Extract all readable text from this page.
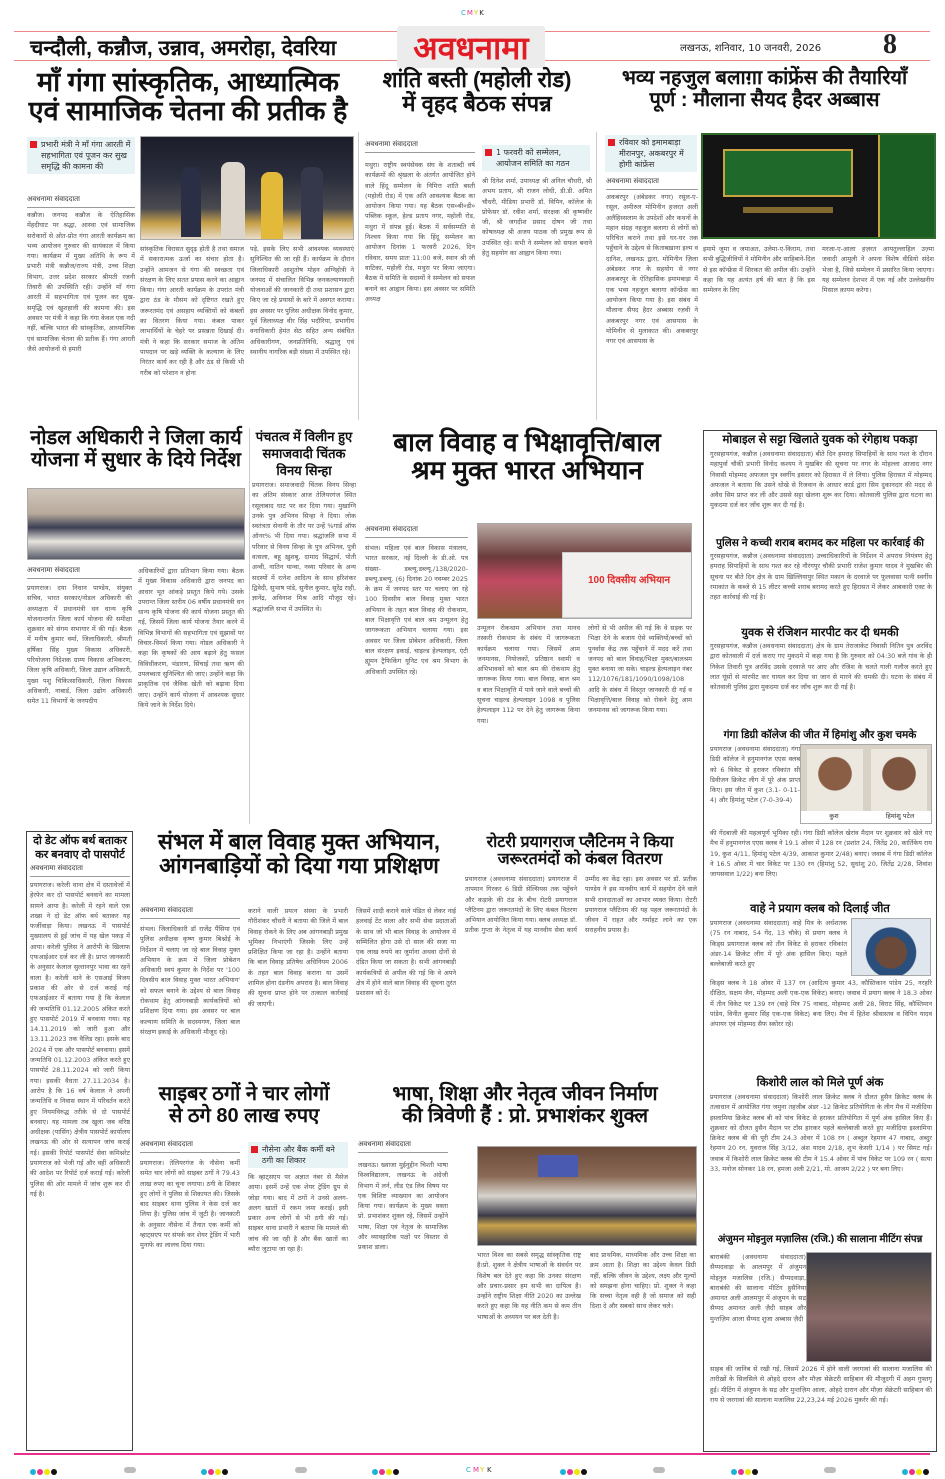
CMYK
चन्दौली, कन्नौज, उन्नाव, अमरोहा, देवरिया	अवधनामा	लखनऊ, शनिवार, 10 जनवरी, 2026 8
माँ गंगा सांस्कृतिक, आध्यात्मिक
एवं सामाजिक चेतना की प्रतीक है
प्रभारी मंत्री ने माँ गंगा आरती में सहभागिता एवं पूजन कर सुख समृद्धि की कामना की
अवधनामा संवाददाता
कन्नौज। जनपद कन्नौज के ऐतिहासिक मेंहदीघाट पर श्रद्धा, आस्था एवं सामाजिक सरोकारों से ओत-प्रोत गंगा आरती कार्यक्रम का भव्य आयोजन गुरुवार की सायंकाल में किया गया। कार्यक्रम में मुख्य अतिथि के रूप में प्रभारी मंत्री कन्नौज/राज्य मंत्री, उच्च शिक्षा विभाग, उत्तर प्रदेश सरकार श्रीमती रजनी तिवारी की उपस्थिति रही। उन्होंने माँ गंगा आरती में सहभागिता एवं पूजन कर सुख-समृद्धि एवं खुशहाली की कामना की। इस अवसर पर मंत्री ने कहा कि गंगा केवल एक नदी नहीं, बल्कि भारत की सांस्कृतिक, आध्यात्मिक एवं सामाजिक चेतना की प्रतीक हैं। गंगा आरती जैसे आयोजनों से हमारी
सांस्कृतिक विरासत सुदृढ़ होती है तथा समाज में सकारात्मक ऊर्जा का संचार होता है। उन्होंने आमजन से गंगा की स्वच्छता एवं संरक्षण के लिए सतत प्रयास करने का आह्वान किया। गंगा आरती कार्यक्रम के उपरांत मंत्री द्वारा ठंड के मौसम को दृष्टिगत रखते हुए जरूरतमंद एवं असहाय व्यक्तियों को कंबलों का वितरण किया गया। कंबल पाकर लाभार्थियों के चेहरे पर प्रसन्नता दिखाई दी। मंत्री ने कहा कि सरकार समाज के अंतिम पायदान पर खड़े व्यक्ति के कल्याण के लिए निरंतर कार्य कर रही है और ठंड से किसी भी गरीब को परेशान न होना
पड़े, इसके लिए सभी आवश्यक व्यवस्थाएं सुनिश्चित की जा रही हैं। कार्यक्रम के दौरान जिलाधिकारी आशुतोष मोहन अग्निहोत्री ने जनपद में संचालित विभिन्न जनकल्याणकारी योजनाओं की जानकारी दी तथा प्रशासन द्वारा किए जा रहे प्रयासों के बारे में अवगत कराया। इस अवसर पर पुलिस अधीक्षक विनोद कुमार, पूर्व जिलाध्यक्ष वीर सिंह भदौरिया, प्रभागीय वनाधिकारी हेमंत सेठ सहित अन्य संबंधित अधिकारीगण, जनप्रतिनिधि, श्रद्धालु एवं स्थानीय नागरिक बड़ी संख्या में उपस्थित रहे।
शांति बस्ती (महोली रोड)
में वृहद बैठक संपन्न
अवधनामा संवाददाता
1 फरवरी को सम्मेलन, आयोजन समिति का गठन
मथुरा। राष्ट्रीय स्वयंसेवक संघ के शताब्दी वर्ष कार्यक्रमों की श्रृंखला के अंतर्गत आयोजित होने वाले हिंदू सम्मेलन के निमित्त शांति बस्ती (महोली रोड) में एक अति आवश्यक बैठक का आयोजन किया गया। यह बैठक एस०बी०डी० पब्लिक स्कूल, हेल्ड प्रताप नगर, महोली रोड, मथुरा में संपन्न हुई। बैठक में सर्वसम्मति से निश्चय किया गया कि हिंदू सम्मेलन का आयोजन दिनांक 1 फरवरी 2026, दिन रविवार, समय प्रातः 11:00 बजे, स्थान श्री जी वाटिका, महोली रोड, मथुरा पर किया जाएगा। बैठक में समिति के सदस्यों ने सम्मेलन को सफल बनाने का आह्वान किया। इस अवसर पर समिति अध्यक्ष
श्री दिनेश शर्मा, उपाध्यक्ष श्री अनिल चौधरी, श्री अभय प्रताप, श्री राजन लोधी, डी.डी. अमित चौधरी, मीडिया प्रभारी डॉ. विपिन, कॉलेज के प्रोफेसर डॉ. रवीश शर्मा, संरक्षक श्री कृष्णवीर जी, श्री जगदीश प्रसाद दोषन जी तथा कोषाध्यक्ष श्री अजय पाठक जी प्रमुख रूप से उपस्थित रहे। सभी ने सम्मेलन को सफल बनाने हेतु सहयोग का आह्वान किया गया।
भव्य नहजुल बलाग़ा कांफ्रेंस की तैयारियाँ
पूर्ण : मौलाना सैयद हैदर अब्बास
रविवार को इमामबाड़ा मीरानपुर, अकबरपुर में होगी कांफ्रेंस
अवधनामा संवाददाता
अकबरपुर (अंबेडकर नगर) रसूल-ए-रसूल, अमीरुल मोमिनीन हजरत अली अलैहिस्सलाम के उपदेशों और कथनों के महान संग्रह नहजुल बलागा से लोगों को परिचित कराने तथा इसे घर-घर तक पहुँचाने के उद्देश्य से किताबख़ाना इल्म व दानिश, लखनऊ द्वारा, मोमिनीन ज़िला अंबेडकर नगर के सहयोग से नगर अकबरपुर के ऐतिहासिक इमामबाड़ा में एक भव्य नहजुल बलागा कॉन्फ्रेंस का आयोजन किया गया है। इस संबंध में मौलाना सैयद हैदर अब्बास रज़वी ने अकबरपुर नगर एवं आसपास के मोमिनीन से मुलाकात की। अकबरपुर नगर एवं आसपास के
इमामे जुमा व जमाअत, उलेमा-ए-किराम, तथा सभी बुद्धिजीवियों ने मोमिनीन और साहिबाने-दिल से इस कॉन्फ्रेंस में शिरकत की अपील की। उन्होंने कहा कि यह अत्यंत हर्ष की बात है कि इस सम्मेलन के लिए
मरजा-ए-आला हज़रत आयतुल्लाहिल उज़्मा जवादी आमुली ने अपना विशेष वीडियो संदेश भेजा है, जिसे सम्मेलन में प्रसारित किया जाएगा। यह सम्मेलन देशभर में एक नई और उल्लेखनीय मिसाल क़ायम करेगा।
नोडल अधिकारी ने जिला कार्य
योजना में सुधार के दिये निर्देश
अवधनामा संवाददाता
प्रयागराज। दया निधान पाण्डेय, संयुक्त सचिव, भारत सरकार/नोडल अधिकारी की अध्यक्षता में प्रधानमंत्री धन धान्य कृषि योजनान्तर्गत जिला कार्य योजना की समीक्षा शुक्रवार को संगम सभागार में की गई। बैठक में मनीष कुमार वर्मा, जिलाधिकारी, श्रीमती हर्षिका सिंह मुख्य विकास अधिकारी, परियोजना निदेशक ग्राम्य विकास अभिकरण, जिला कृषि अधिकारी, जिला उद्यान अधिकारी, मुख्य पशु चिकित्साधिकारी, जिला विकास अधिकारी, नाबार्ड, जिला उद्योग अधिकारी समेत 11 विभागों के जनपदीय
अधिकारियों द्वारा प्रतिभाग किया गया। बैठक में मुख्य विकास अधिकारी द्वारा जनपद का आधार भूत आंकड़े प्रस्तुत किये गये। उसके उपरान्त जिला स्तरीय 06 वर्षीय प्रधानमंत्री धन धान्य कृषि योजना की कार्य योजना प्रस्तुत की गई, जिसमें जिला कार्य योजना तैयार करने में विभिन्न विभागों की सहभागिता एवं सुझावों पर विचार-विमर्श किया गया। नोडल अधिकारी ने कहा कि कृषकों की आय बढ़ाने हेतु फसल विविधीकरण, भंडारण, सिंचाई तथा ऋण की उपलब्धता सुनिश्चित की जाए। उन्होंने कहा कि प्राकृतिक एवं जैविक खेती को बढ़ावा दिया जाए। उन्होंने कार्य योजना में आवश्यक सुधार किये जाने के निर्देश दिये।
पंचतत्व में विलीन हुए समाजवादी चिंतक विनय सिन्हा
प्रयागराज। समाजवादी चिंतक विनय सिन्हा का अंतिम संस्कार आज तेलियरगंज स्थित रसूलाबाद घाट पर कर दिया गया। मुखाग्नि उनके पुत्र अभिनव सिन्हा ने दिया। लोक स्वतंत्रता सेनानी के तौर पर उन्हें %गार्ड ऑफ ऑनर% भी दिया गया। श्रद्धांजलि सभा में परिवार से विनय सिन्हा के पुत्र अभिनव, पुत्री वत्सला, बहू ख़ुशबू, दामाद सिद्धार्थ, पोती अन्वी, नातिन यान्वा, नव्या परिवार के अन्य सदस्यों में रत्नेश आदित्य के साथ हरिशंकर द्विवेदी, सुभाष पांडे, सुनील कुमार, सुरेंद्र राही, ज्ञानेंद्र, अविनाश मिश्र आदि मौजूद रहे। श्रद्धांजलि सभा में उपस्थित थे।
बाल विवाह व भिक्षावृत्ति/बाल
श्रम मुक्त भारत अभियान
अवधनामा संवाददाता
संभल। महिला एवं बाल विकास मंत्रालय, भारत सरकार, नई दिल्ली के डी.ओ. पत्र संख्या- डब्ल्यू.डब्ल्यू./138/2020- डब्ल्यू.डब्ल्यू. (6) दिनांक 20 नवम्बर 2025 के क्रम में जनपद स्तर पर चलाए जा रहे 100 दिवसीय बाल विवाह मुक्त भारत अभियान के तहत बाल विवाह की रोकथाम, बाल भिक्षावृत्ति एवं बाल श्रम उन्मूलन हेतु जागरूकता अभियान चलाया गया। इस अवसर पर जिला प्रोबेशन अधिकारी, जिला बाल संरक्षण इकाई, चाइल्ड हेल्पलाइन, एंटी ह्यूमन ट्रैफिकिंग यूनिट एवं श्रम विभाग के अधिकारी उपस्थित रहे।
100 दिवसीय अभियान
उन्मूलन रोकथाम अभियान तथा मानव तस्करी रोकथाम के संबंध में जागरूकता कार्यक्रम चलाया गया। जिसमें आम जनमानस, नियोजकों, प्रतिष्ठान स्वामी व अभिभावकों को बाल श्रम की रोकथाम हेतु जागरूक किया गया। बाल विवाह, बाल श्रम व बाल भिक्षावृत्ति में पाये जाने वाले बच्चों की सूचना चाइल्ड हेल्पलाइन 1098 व पुलिस हेल्पलाइन 112 पर देने हेतु जागरूक किया गया।
लोगों से भी अपील की गई कि वे सड़क पर भिक्षा देने के बजाय ऐसे व्यक्तियों/बच्चों को पुनर्वास केंद्र तक पहुँचाने में मदद करें तथा जनपद को बाल विवाह/भिक्षा मुक्त/बालश्रम मुक्त बनाया जा सके। चाइल्ड हेल्पलाइन नंबर 112/1076/181/1090/1098/108 आदि के संबंध में विस्तृत जानकारी दी गई व भिक्षावृत्ति/बाल विवाह को रोकने हेतु आम जनमानस को जागरूक किया गया।
मोबाइल से सट्टा खिलाते युवक को रंगेहाथ पकड़ा
गुरसहायगंज, कन्नौज (अवधनामा संवाददाता) बीते दिन हमराह सिपाहियों के साथ गश्त के दौरान महापुर्वा चौकी प्रभारी विनोद कश्यप ने मुखबिर की सूचना पर नगर के मोहल्ला आजाद नगर निवासी मोहम्मद अफजल पुत्र स्वर्गीय इसरार को हिरासत में ले लिया। पुलिस हिरासत में मोहम्मद अफजल ने बताया कि उसने धोखे से रिजवान के आधार कार्ड द्वारा सिम दुकानदार की मदद से अवैध सिम प्राप्त कर ली और उससे सट्टा खेलना शुरू कर दिया। कोतवाली पुलिस द्वारा घटना का मुकदमा दर्ज कर जाँच शुरू कर दी गई है।
पुलिस ने कच्ची शराब बरामद कर महिला पर कार्रवाई की
गुरसहायगंज, कन्नौज (अवधनामा संवाददाता) उच्चाधिकारियों के निर्देशन में अपराध नियंत्रण हेतु हमराह सिपाहियों के साथ गश्त कर रहे नौरंगपुर चौकी प्रभारी राजेश कुमार यादव ने मुखबिर की सूचना पर बीते दिन क्षेत्र के ग्राम खिल्लियापुर स्थित मकान के दरवाजे पर फूलवासा पत्नी स्वर्गीय रमाकांत के कब्जे से 15 लीटर कच्ची शराब बरामद करते हुए हिरासत में लेकर आबकारी एक्ट के तहत कार्रवाई की गई है।
युवक से रंजिशन मारपीट कर दी धमकी
गुरसहायगंज, कन्नौज (अवधनामा संवाददाता) क्षेत्र के ग्राम तेराजाकेट निवासी नितिन पुत्र अरविंद द्वारा कोतवाली में दर्ज कराए गए मुकदमे में कहा गया है कि गुरुवार को 04:30 बजे गांव के ही निकेश तिवारी पुत्र अरविंद उसके दरवाजे पर आए और रंजिश के चलते गाली गलौज करते हुए लात घूंसों से मारपीट कर घायल कर दिया था जान से मारने की धमकी दी। घटना के संबंध में कोतवाली पुलिस द्वारा मुकदमा दर्ज कर जाँच शुरू कर दी गई है।
गंगा डिग्री कॉलेज की जीत में हिमांशु और कुश चमके
प्रयागराज (अवधनामा संवाददाता) गंगा डिग्री कॉलेज ने हनुमानगंज एएस क्लब को 6 विकेट से हराकर रविकांत सी डिवीजन क्रिकेट लीग में पूरे अंक प्राप्त किए। इस जीत में कुश (3.1- 0-11-4) और हिमांशु पटेल (7-0-39-4)
कुश	हिमांशु पटेल
की गेंदबाजी की महत्वपूर्ण भूमिका रही। गंगा डिग्री कॉलेज खेरांव मैदान पर शुक्रवार को खेले गए मैच में हनुमानगंज एएस क्लब ने 19.1 ओवर में 128 रन (प्रशांत 24, जितेंद्र 20, कार्तिकेय राय 19, कुश 4/11, हिमांशु पटेल 4/39, आकाश कुमार 2/48) बनाए। जवाब में गंगा डिग्री कॉलेज ने 16.5 ओवर में चार विकेट पर 130 रन (हिमांशु 52, सुधांशु 20, जितेंद्र 2/28, शिवांश जायसवाल 1/22) बना लिए।
वाहे ने प्रयाग क्लब को दिलाई जीत
प्रयागराज (अवधनामा संवाददाता) वाहे मित्र के अर्धशतक (75 रन नाबाद, 54 गेंद, 13 चौके) से प्रयाग क्लब ने किड्स प्रयागराज क्लब को तीन विकेट से हराकर रविकांत अंडर-14 क्रिकेट लीग में पूरे अंक हासिल किए। पहले बल्लेबाजी करते हुए
किड्स क्लब ने 18 ओवर में 137 रन (आदित्य कुमार 43, कौस्तिकान पांडेय 25, नरहरि दीक्षित, सक्षम जैन, मोहम्मद अली एक-एक विकेट) बनाए। जवाब में प्रयाग क्लब ने 18.3 ओवर में तीन विकेट पर 139 रन (वाहे मित्र 75 नाबाद, मोहम्मद अली 28, विराट सिंह, कौस्तिमान पांडेय, विनीत कुमार सिंह एक-एक विकेट) बना लिए। मैच में हितेश श्रीवास्तव व विपिन यादव अंपायर एवं मोहम्मद सैफ स्कोरर रहे।
किशोरी लाल को मिले पूर्ण अंक
प्रयागराज (अवधनामा संवाददाता) किशोरी लाल क्रिकेट क्लब ने दौलत हुसैन क्रिकेट क्लब के तत्वाधान में आयोजित गंगा जमुना तहजीब अंडर -12 क्रिकेट प्रतियोगिता के लीग मैच में मजीदिया इस्लामिया क्रिकेट क्लब बी को पांच विकेट से हराकर प्रतियोगिता में पूर्ण अंक हासिल किए हैं। शुक्रवार को दौलत हुसैन मैदान पर टॉस हारकर पहले बल्लेबाजी करते हुए मजीदिया इस्लामिया क्रिकेट क्लब बी की पूरी टीम 24.3 ओवर में 108 रन ( अब्दुल रेहमान 47 नाबाद, अब्दुर रेहमान 20 रन, युवराज सिंह 3/12, अंश यादव 2/18, शुभ केसरी 1/14 ) पर सिमट गई। जवाब में किशोरी लाल क्रिकेट क्लब की टीम ने 15.4 ओवर में पांच विकेट पर 109 रन ( सत्या 33, मनोज सोनकर 18 रन, हमजा अली 2/21, मो. आजम 2/22 ) पर बना लिए।
अंजुमन मोइनुल मज़ालिस (रजि.) की सालाना मीटिंग संपन्न
बाराबंकी (अवधनामा संवाददाता) सैय्यदवाड़ा के आलमपुर में अंजुमन मोइनुल मजालिस (रजि.) सैय्यदवाड़ा, बाराबंकी की सालाना मीटिंग हुसैनिया अमानत अली आलमपुर में अंजुमन के सद्र सैय्यद अमानत अली ज़ैदी साहब और मुन्तज़िम आला सैय्यद शुजा अब्बास ज़ैदी
साहब की जानिब से रखी गई, जिसमें 2026 में होने वाली जरगावां की सालाना मजालिस की तारीख़ों के सिलसिले से ओहदे दारान और मौज़ा सेक्रेटरी साहिबान की मौजूदगी में अहम गुफ्तगू हुई। मीटिंग में अंजुमन के सद्र और मुन्तज़िम आला, ओहदे दारान और मौज़ा सेक्रेटरी साहिबान की राय से जरगावां की सालाना मजालिस 22,23,24 मई 2026 मुकर्रर की गई।
दो डेट ऑफ बर्थ बताकर कर बनवाए दो पासपोर्ट
अवधनामा संवाददाता
प्रयागराज। करेली थाना क्षेत्र में दस्तावेजों में हेरफेर कर दो पासपोर्ट बनवाने का मामला सामने आया है। करेली में रहने वाले एक शख्स ने दो डेट ऑफ बर्थ बताकर यह फर्जीवाड़ा किया। लखनऊ में पासपोर्ट मुख्यालय से हुई जांच में यह खेल पकड़ में आया। करेली पुलिस ने आरोपी के खिलाफ एफआईआर दर्ज कर ली है। प्राप्त जानकारी के अनुसार केलाल सुल्तानपुर भावा का रहने वाला है। करेली थाने के एसआई विजय प्रकाश की ओर से दर्ज कराई गई एफआईआर में बताया गया है कि केलाल की जन्मतिथि 01.12.2005 अंकित करते हुए पासपोर्ट 2019 में बनवाया गया। यह 14.11.2019 को जारी हुआ और 13.11.2023 तक वैलिड रहा। इसके बाद 2024 में एक और पासपोर्ट बनवाया। इसमें जन्मतिथि 01.12.2003 अंकित करते हुए पासपोर्ट 28.11.2024 को जारी किया गया। इसकी वैधता 27.11.2034 है। आरोप है कि 16 वर्ष केलाल ने अपनी जन्मतिथि व निवास स्थान में परिवर्तन करते हुए नियमविरुद्ध तरीके से दो पासपोर्ट बनवाए। यह मामला तब खुला जब वरिष्ठ अधीक्षक (पासिंग) क्षेत्रीय पासपोर्ट कार्यालय लखनऊ की ओर से सत्यापन जांच कराई गई। इसकी रिपोर्ट पासपोर्ट सेवा कमिश्नरेट प्रयागराज को भेजी गई और वहीं अधिकारी की आदेश पर रिपोर्ट दर्ज कराई गई। करेली पुलिस की ओर मामले में जांच शुरू कर दी गई है।
संभल में बाल विवाह मुक्त अभियान,
आंगनबाड़ियों को दिया गया प्रशिक्षण
अवधनामा संवाददाता
संभल। जिलाधिकारी डॉ राजेंद्र पैंसिया एवं पुलिस अधीक्षक कृष्ण कुमार बिश्नोई के निर्देशन में चलाए जा रहे बाल विवाह मुक्त अभियान के क्रम में जिला प्रोबेशन अधिकारी स्वयं कुमार के निर्देश पर '100 दिवसीय बाल विवाह मुक्त भारत अभियान' को सफल बनाने के उद्देश्य से बाल विवाह रोकथाम हेतु आंगनबाड़ी कार्यकत्रियों को प्रशिक्षण दिया गया। इस अवसर पर बाल कल्याण समिति के सदस्यगण, जिला बाल संरक्षण इकाई के अधिकारी मौजूद रहे।
कराने वाली प्रयत्न संस्था के प्रभारी गौरीशंकर चौधरी ने बताया की जिले में बाल विवाह रोकने के लिए अब आंगनबाड़ी प्रमुख भूमिका निभाएंगी जिसके लिए उन्हें प्रशिक्षित किया जा रहा है। उन्होंने बताया कि बाल विवाह प्रतिषेध अधिनियम 2006 के तहत बाल विवाह कराना या उसमें शामिल होना दंडनीय अपराध है। बाल विवाह की सूचना प्राप्त होने पर तत्काल कार्रवाई की जाएगी।
जिसमें शादी कराने वाले पंडित से लेकर नाई हलवाई टेंट वाला और सभी सेवा प्रदाताओं के साथ जो भी बाल विवाह के आयोजन में सम्मिलित होगा उसे दो साल की सजा या एक लाख रुपये का जुर्माना अथवा दोनों से दंडित किया जा सकता है। सभी आंगनबाड़ी कार्यकत्रियों से अपील की गई कि वे अपने क्षेत्र में होने वाले बाल विवाह की सूचना तुरंत प्रशासन को दें।
रोटरी प्रयागराज प्लैटिनम ने किया
जरूरतमंदों को कंबल वितरण
प्रयागराज (अवधनामा संवाददाता) प्रयागराज में तापमान गिरकर 6 डिग्री सेल्सियस तक पहुँचने और कड़ाके की ठंड के बीच रोटरी प्रयागराज प्लैटिनम द्वारा जरूरतमंदों के लिए कंबल वितरण अभियान आयोजित किया गया। क्लब अध्यक्ष डॉ. प्रतीक गुप्ता के नेतृत्व में यह मानवीय सेवा कार्य उम्मीद का केंद्र रहा। इस अवसर पर डॉ. प्रतीक पाण्डेय ने इस मानवीय कार्य में सहयोग देने वाले सभी दानदाताओं का आभार व्यक्त किया। रोटरी प्रयागराज प्लैटिनम की यह पहल जरूरतमंदों के जीवन में राहत और गर्माहट लाने का एक सराहनीय प्रयास है।
साइबर ठगों ने चार लोगों
से ठगे 80 लाख रुपए
अवधनामा संवाददाता
नौसेना और बैंक कर्मी बने ठगी का शिकार
प्रयागराज। तेलियरगंज के नौसेना कर्मी समेत चार लोगों को साइबर ठगों ने 79.43 लाख रुपए का चूना लगाया। ठगी के शिकार हुए लोगों ने पुलिस से शिकायत की। जिसके बाद साइबर थाना पुलिस ने केस दर्ज कर लिया है। पुलिस जांच में जुटी है। जानकारी के अनुसार नौसेना में तैनात एक कर्मी को व्हाट्सएप पर संपर्क कर शेयर ट्रेडिंग में भारी मुनाफे का लालच दिया गया।
कि व्हाट्सएप पर अज्ञात नंबर से मैसेज आया। इसमें उन्हें एक शेयर ट्रेडिंग ग्रुप से जोड़ा गया। बाद में ठगों ने उनसे अलग-अलग खातों में रकम जमा कराई। इसी प्रकार अन्य लोगों से भी ठगी की गई। साइबर थाना प्रभारी ने बताया कि मामले की जांच की जा रही है और बैंक खातों का ब्यौरा जुटाया जा रहा है।
भाषा, शिक्षा और नेतृत्व जीवन निर्माण
की त्रिवेणी हैं : प्रो. प्रभाशंकर शुक्ल
अवधनामा संवाददाता
लखनऊ। ख्वाजा मुईनुद्दीन चिश्ती भाषा विश्वविद्यालय, लखनऊ के अंग्रेजी विभाग में लर्न, लीड एंड लिव विषय पर एक विशिष्ट व्याख्यान का आयोजन किया गया। कार्यक्रम के मुख्य वक्ता प्रो. प्रभाशंकर शुक्ल रहे, जिसमें उन्होंने भाषा, शिक्षा एवं नेतृत्व के सामाजिक और व्यावहारिक पक्षों पर विस्तार से प्रकाश डाला।
भारत विश्व का सबसे समृद्ध सांस्कृतिक राष्ट्र है।प्रो. शुक्ल ने क्षेत्रीय भाषाओं के संवर्धन पर विशेष बल देते हुए कहा कि उनका संरक्षण और प्रचार-प्रसार हम सभी का दायित्व है। उन्होंने राष्ट्रीय शिक्षा नीति 2020 का उल्लेख करते हुए कहा कि यह नीति कम से कम तीन भाषाओं के अध्ययन पर बल देती है।
बाद प्राथमिक, माध्यमिक और उच्च शिक्षा का क्रम आता है। शिक्षा का उद्देश्य केवल डिग्री नहीं, बल्कि जीवन के उद्देश्य, लक्ष्य और मूल्यों को समझना होना चाहिए। प्रो. शुक्ल ने कहा कि सच्चा नेतृत्व वही है जो समाज को सही दिशा दे और सबको साथ लेकर चले।
CMY K
